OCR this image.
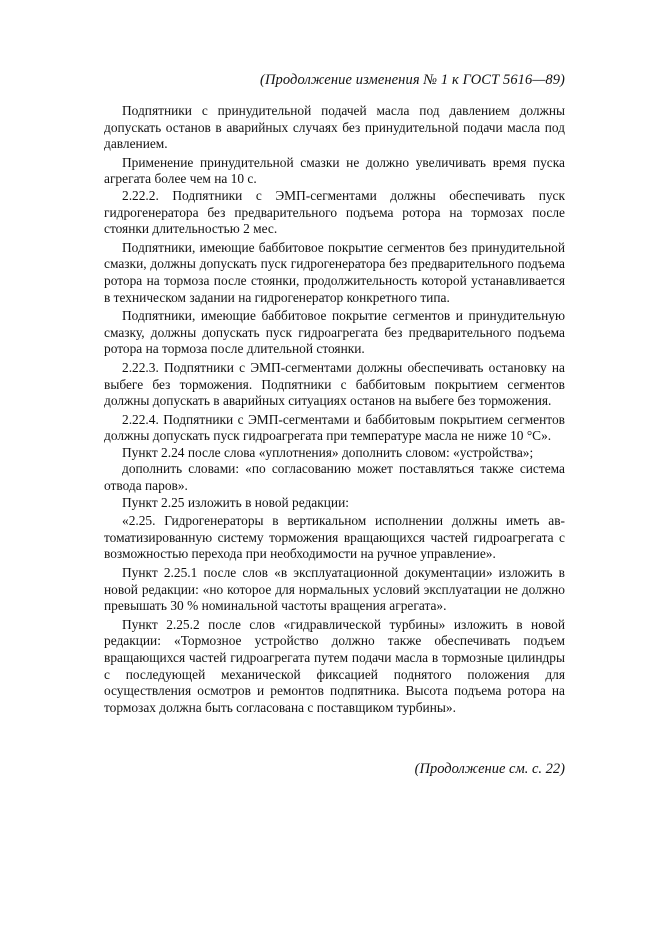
(Продолжение изменения № 1 к ГОСТ 5616—89)

Подпятники с принудительной подачей масла под давлением должны допускать останов в аварийных случаях без принудительной подачи масла под давлением.

Применение принудительной смазки не должно увеличивать время пуска агрегата более чем на 10 с.

2.22.2. Подпятники с ЭМП-сегментами должны обеспечивать пуск гидрогенератора без предварительного подъема ротора на тормозах после стоянки длительностью 2 мес.

Подпятники, имеющие баббитовое покрытие сегментов без принудительной смазки, должны допускать пуск гидрогенератора без предварительного подъема ротора на тормоза после стоянки, продолжительность которой устанавливается в техническом задании на гидрогенератор конкретного типа.

Подпятники, имеющие баббитовое покрытие сегментов и принудительную смазку, должны допускать пуск гидроагрегата без предварительного подъема ротора на тормоза после длительной стоянки.

2.22.3. Подпятники с ЭМП-сегментами должны обеспечивать остановку на выбеге без торможения. Подпятники с баббитовым покрытием сегментов должны допускать в аварийных ситуациях останов на выбеге без торможения.

2.22.4. Подпятники с ЭМП-сегментами и баббитовым покрытием сегментов должны допускать пуск гидроагрегата при температуре масла не ниже 10 °С».

Пункт 2.24 после слова «уплотнения» дополнить словом: «устройства»;

дополнить словами: «по согласованию может поставляться также система отвода паров».

Пункт 2.25 изложить в новой редакции:

«2.25. Гидрогенераторы в вертикальном исполнении должны иметь автоматизированную систему торможения вращающихся частей гидроагрегата с возможностью перехода при необходимости на ручное управление».

Пункт 2.25.1 после слов «в эксплуатационной документации» изложить в новой редакции: «но которое для нормальных условий эксплуатации не должно превышать 30 % номинальной частоты вращения агрегата».

Пункт 2.25.2 после слов «гидравлической турбины» изложить в новой редакции: «Тормозное устройство должно также обеспечивать подъем вращающихся частей гидроагрегата путем подачи масла в тормозные цилиндры с последующей механической фиксацией поднятого положения для осуществления осмотров и ремонтов подпятника. Высота подъема ротора на тормозах должна быть согласована с поставщиком турбины».

(Продолжение см. с. 22)
